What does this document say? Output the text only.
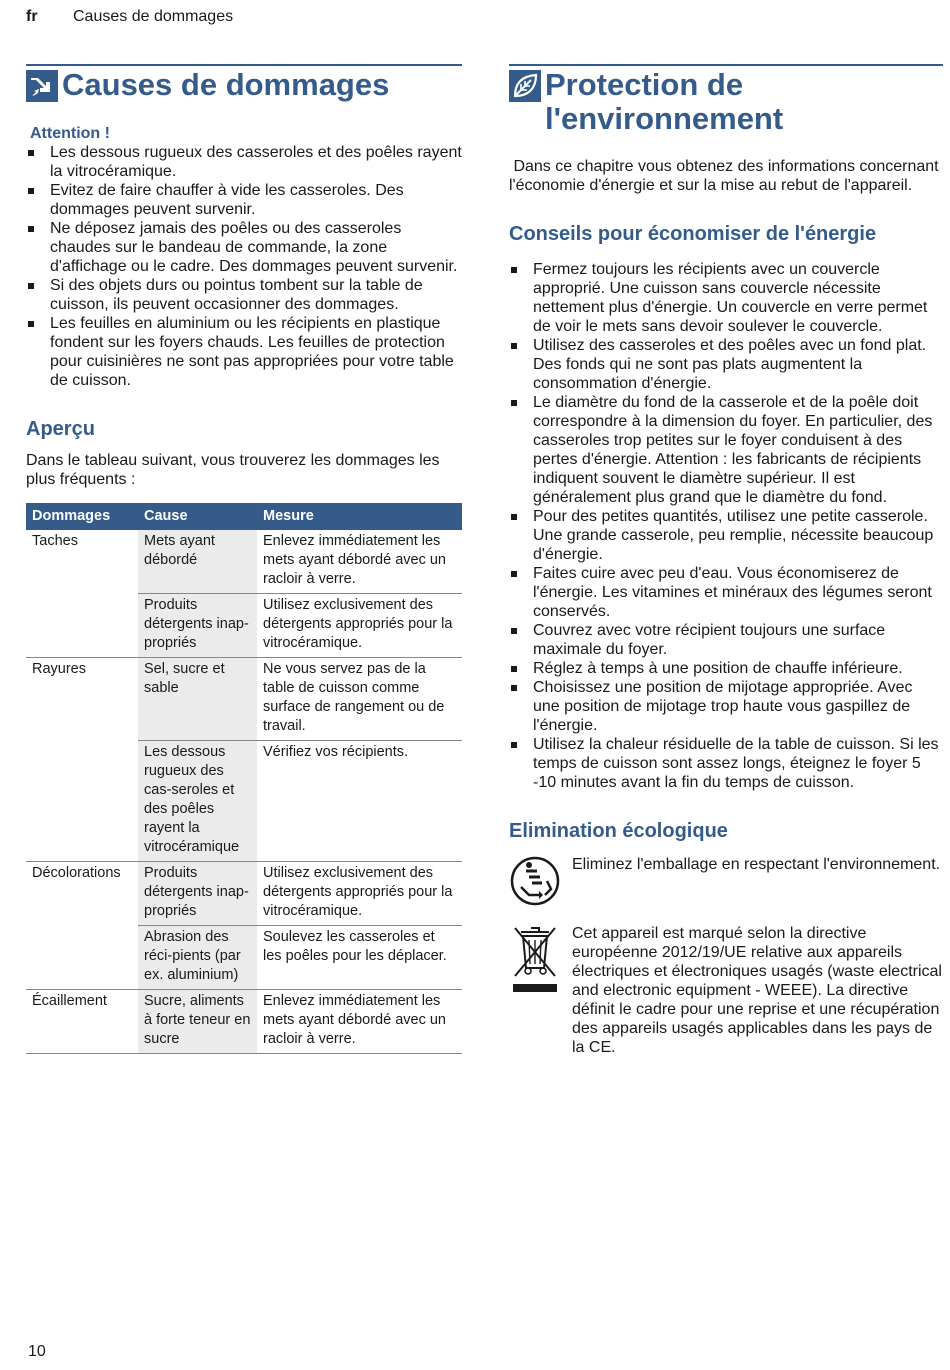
fr Causes de dommages
Causes de dommages
Attention !
Les dessous rugueux des casseroles et des poêles rayent la vitrocéramique.
Evitez de faire chauffer à vide les casseroles. Des dommages peuvent survenir.
Ne déposez jamais des poêles ou des casseroles chaudes sur le bandeau de commande, la zone d'affichage ou le cadre. Des dommages peuvent survenir.
Si des objets durs ou pointus tombent sur la table de cuisson, ils peuvent occasionner des dommages.
Les feuilles en aluminium ou les récipients en plastique fondent sur les foyers chauds. Les feuilles de protection pour cuisinières ne sont pas appropriées pour votre table de cuisson.
Aperçu

Dans le tableau suivant, vous trouverez les dommages les plus fréquents :

Dommages	Cause	Mesure
Taches	Mets ayant débordé	Enlevez immédiatement les mets ayant débordé avec un racloir à verre.
	Produits détergents inap-propriés	Utilisez exclusivement des détergents appropriés pour la vitrocéramique.
Rayures	Sel, sucre et sable	Ne vous servez pas de la table de cuisson comme surface de rangement ou de travail.
	Les dessous rugueux des cas-seroles et des poêles rayent la vitrocéramique	Vérifiez vos récipients.
Décolorations	Produits détergents inap-propriés	Utilisez exclusivement des détergents appropriés pour la vitrocéramique.
	Abrasion des réci-pients (par ex. aluminium)	Soulevez les casseroles et les poêles pour les déplacer.
Écaillement	Sucre, aliments à forte teneur en sucre	Enlevez immédiatement les mets ayant débordé avec un racloir à verre.
Protection de l'environnement

Dans ce chapitre vous obtenez des informations concernant l'économie d'énergie et sur la mise au rebut de l'appareil.

Conseils pour économiser de l'énergie
Fermez toujours les récipients avec un couvercle approprié. Une cuisson sans couvercle nécessite nettement plus d'énergie. Un couvercle en verre permet de voir le mets sans devoir soulever le couvercle.
Utilisez des casseroles et des poêles avec un fond plat. Des fonds qui ne sont pas plats augmentent la consommation d'énergie.
Le diamètre du fond de la casserole et de la poêle doit correspondre à la dimension du foyer. En particulier, des casseroles trop petites sur le foyer conduisent à des pertes d'énergie. Attention : les fabricants de récipients indiquent souvent le diamètre supérieur. Il est généralement plus grand que le diamètre du fond.
Pour des petites quantités, utilisez une petite casserole. Une grande casserole, peu remplie, nécessite beaucoup d'énergie.
Faites cuire avec peu d'eau. Vous économiserez de l'énergie. Les vitamines et minéraux des légumes seront conservés.
Couvrez avec votre récipient toujours une surface maximale du foyer.
Réglez à temps à une position de chauffe inférieure.
Choisissez une position de mijotage appropriée. Avec une position de mijotage trop haute vous gaspillez de l'énergie.
Utilisez la chaleur résiduelle de la table de cuisson. Si les temps de cuisson sont assez longs, éteignez le foyer 5 -10 minutes avant la fin du temps de cuisson.
Elimination écologique

Eliminez l'emballage en respectant l'environnement.

Cet appareil est marqué selon la directive européenne 2012/19/UE relative aux appareils électriques et électroniques usagés (waste electrical and electronic equipment - WEEE). La directive définit le cadre pour une reprise et une récupération des appareils usagés applicables dans les pays de la CE.

10
